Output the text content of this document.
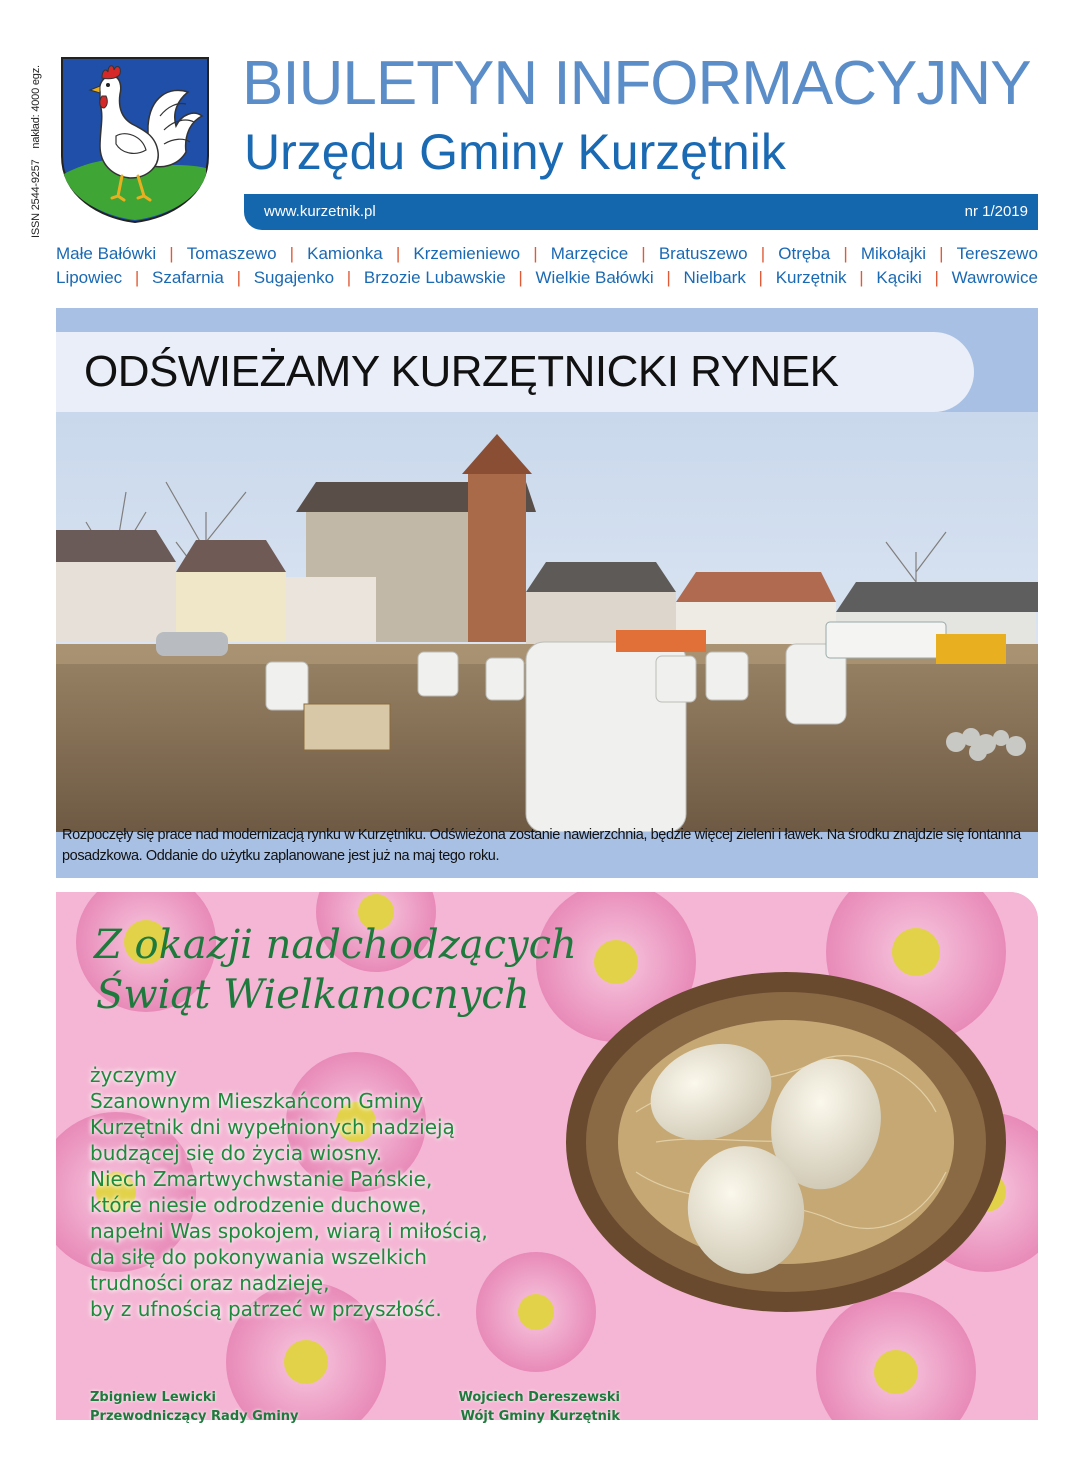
ISSN 2544-9257 nakład: 4000 egz.	BIULETYN INFORMACYJNY
Urzędu Gminy Kurzętnik
www.kurzetnik.pl	nr 1/2019
Małe Bałówki | Tomaszewo | Kamionka | Krzemieniewo | Marzęcice | Bratuszewo | Otręba | Mikołajki | Tereszewo
Lipowiec | Szafarnia | Sugajenko | Brzozie Lubawskie | Wielkie Bałówki | Nielbark | Kurzętnik | Kąciki | Wawrowice
ODŚWIEŻAMY KURZĘTNICKI RYNEK
Rozpoczęły się prace nad modernizacją rynku w Kurzętniku. Odświeżona zostanie nawierzchnia, będzie więcej zieleni i ławek. Na środku znajdzie się fontanna posadzkowa. Oddanie do użytku zaplanowane jest już na maj tego roku.
Z okazji nadchodzących
Świąt Wielkanocnych
życzymy
Szanownym Mieszkańcom Gminy
Kurzętnik dni wypełnionych nadzieją
budzącej się do życia wiosny.
Niech Zmartwychwstanie Pańskie,
które niesie odrodzenie duchowe,
napełni Was spokojem, wiarą i miłością,
da siłę do pokonywania wszelkich
trudności oraz nadzieję,
by z ufnością patrzeć w przyszłość.
Zbigniew Lewicki
Przewodniczący Rady Gminy
Wojciech Dereszewski
Wójt Gminy Kurzętnik
